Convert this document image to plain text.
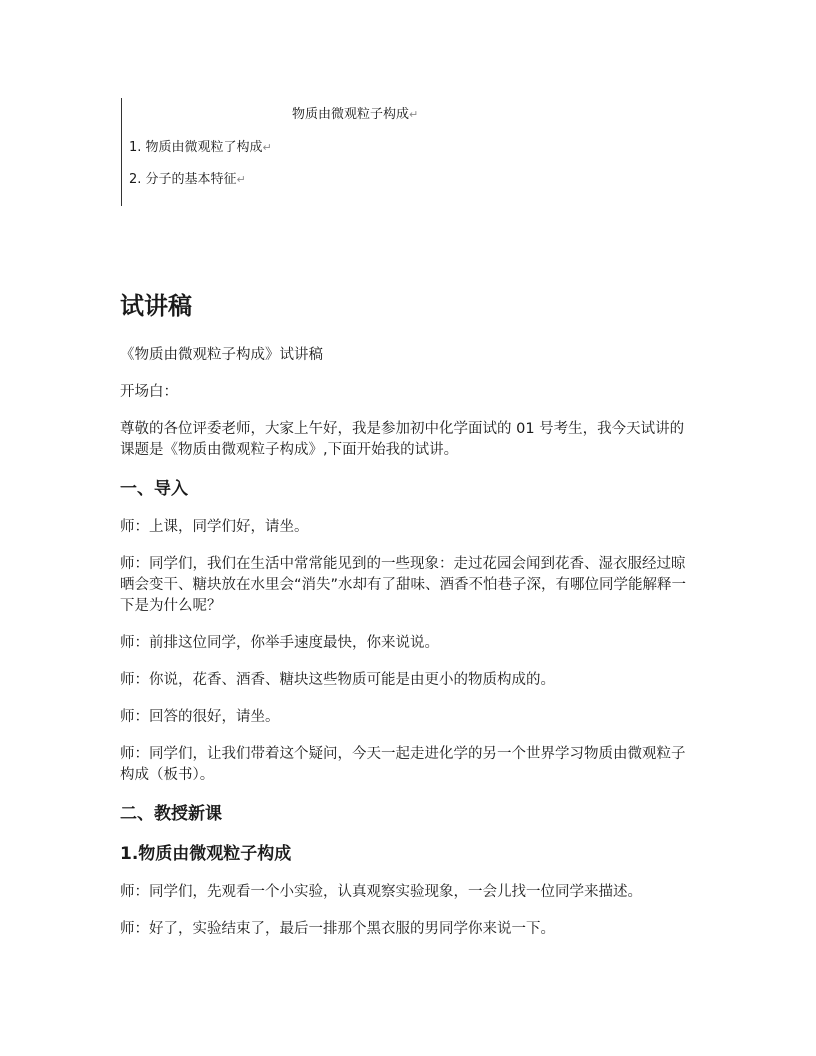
物质由微观粒子构成↵
1. 物质由微观粒了构成↵
2. 分子的基本特征↵
试讲稿

《物质由微观粒子构成》试讲稿

开场白：

尊敬的各位评委老师，大家上午好，我是参加初中化学面试的 01 号考生，我今天试讲的课题是《物质由微观粒子构成》,下面开始我的试讲。

一、导入

师：上课，同学们好，请坐。

师：同学们，我们在生活中常常能见到的一些现象：走过花园会闻到花香、湿衣服经过晾晒会变干、糖块放在水里会“消失”水却有了甜味、酒香不怕巷子深，有哪位同学能解释一下是为什么呢？

师：前排这位同学，你举手速度最快，你来说说。

师：你说，花香、酒香、糖块这些物质可能是由更小的物质构成的。

师：回答的很好，请坐。

师：同学们，让我们带着这个疑问，今天一起走进化学的另一个世界学习物质由微观粒子构成（板书）。

二、教授新课
1.物质由微观粒子构成

师：同学们，先观看一个小实验，认真观察实验现象，一会儿找一位同学来描述。

师：好了，实验结束了，最后一排那个黑衣服的男同学你来说一下。
